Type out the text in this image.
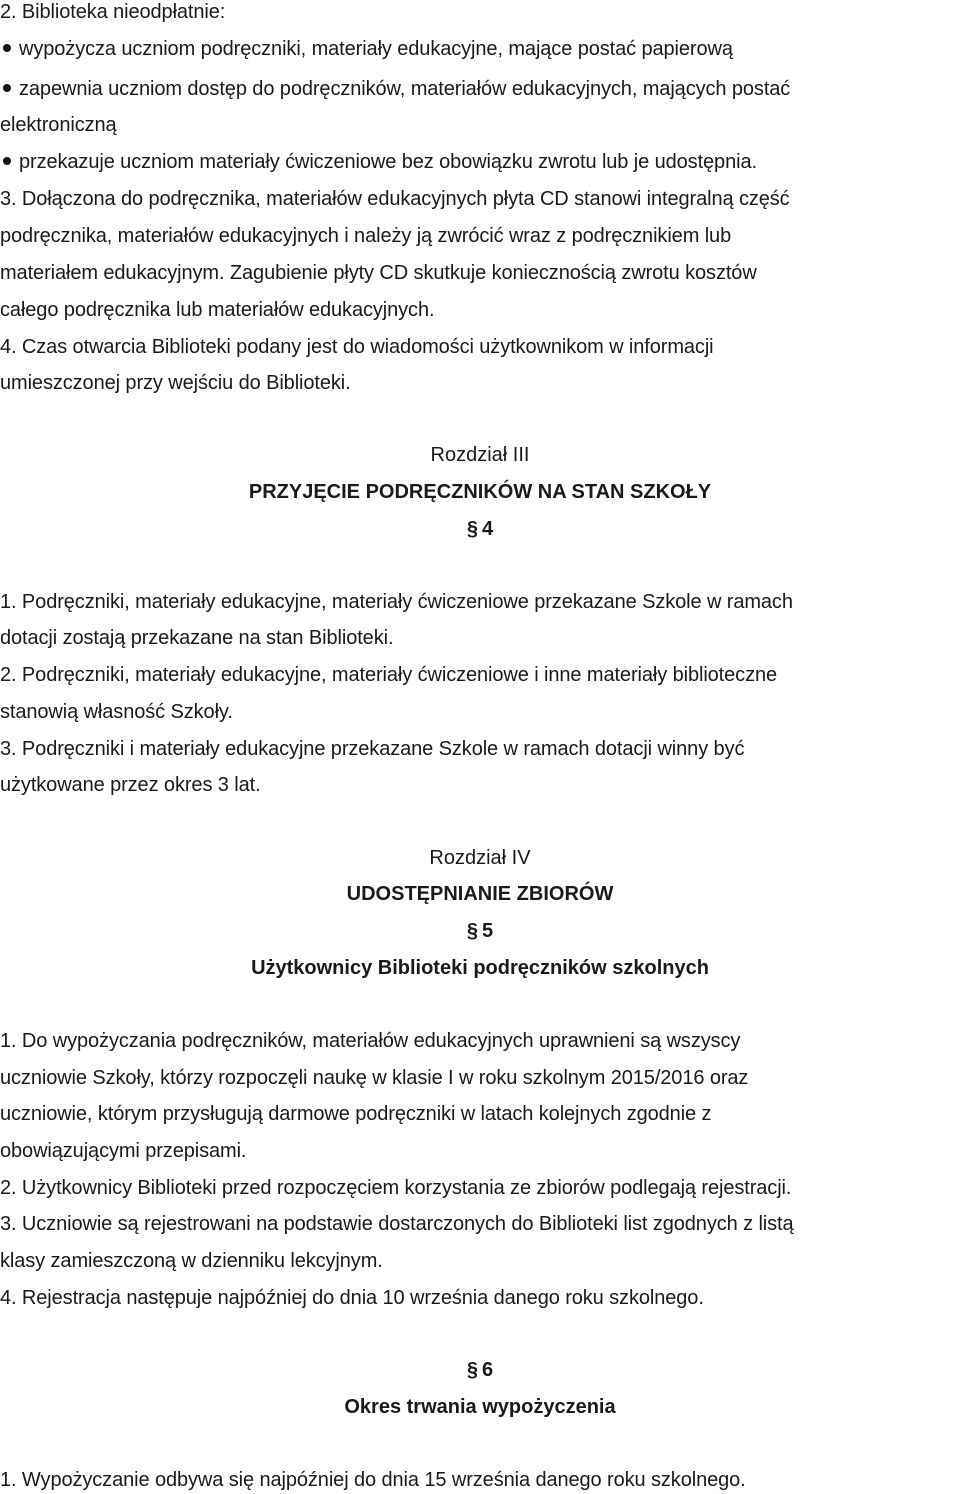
2. Biblioteka nieodpłatnie:

wypożycza uczniom podręczniki, materiały edukacyjne, mające postać papierową

zapewnia uczniom dostęp do podręczników, materiałów edukacyjnych, mających postać

elektroniczną

przekazuje uczniom materiały ćwiczeniowe bez obowiązku zwrotu lub je udostępnia.

3. Dołączona do podręcznika, materiałów edukacyjnych płyta CD stanowi integralną część

podręcznika, materiałów edukacyjnych i należy ją zwrócić wraz z podręcznikiem lub

materiałem edukacyjnym. Zagubienie płyty CD skutkuje koniecznością zwrotu kosztów

całego podręcznika lub materiałów edukacyjnych.

4. Czas otwarcia Biblioteki podany jest do wiadomości użytkownikom w informacji

umieszczonej przy wejściu do Biblioteki.

Rozdział III

PRZYJĘCIE PODRĘCZNIKÓW NA STAN SZKOŁY

§ 4

1. Podręczniki, materiały edukacyjne, materiały ćwiczeniowe przekazane Szkole w ramach

dotacji zostają przekazane na stan Biblioteki.

2. Podręczniki, materiały edukacyjne, materiały ćwiczeniowe i inne materiały biblioteczne

stanowią własność Szkoły.

3. Podręczniki i materiały edukacyjne przekazane Szkole w ramach dotacji winny być

użytkowane przez okres 3 lat.

Rozdział IV

UDOSTĘPNIANIE ZBIORÓW

§ 5

Użytkownicy Biblioteki podręczników szkolnych

1. Do wypożyczania podręczników, materiałów edukacyjnych uprawnieni są wszyscy

uczniowie Szkoły, którzy rozpoczęli naukę w klasie I w roku szkolnym 2015/2016 oraz

uczniowie, którym przysługują darmowe podręczniki w latach kolejnych zgodnie z

obowiązującymi przepisami.

2. Użytkownicy Biblioteki przed rozpoczęciem korzystania ze zbiorów podlegają rejestracji.

3. Uczniowie są rejestrowani na podstawie dostarczonych do Biblioteki list zgodnych z listą

klasy zamieszczoną w dzienniku lekcyjnym.

4. Rejestracja następuje najpóźniej do dnia 10 września danego roku szkolnego.

§ 6

Okres trwania wypożyczenia

1. Wypożyczanie odbywa się najpóźniej do dnia 15 września danego roku szkolnego.
